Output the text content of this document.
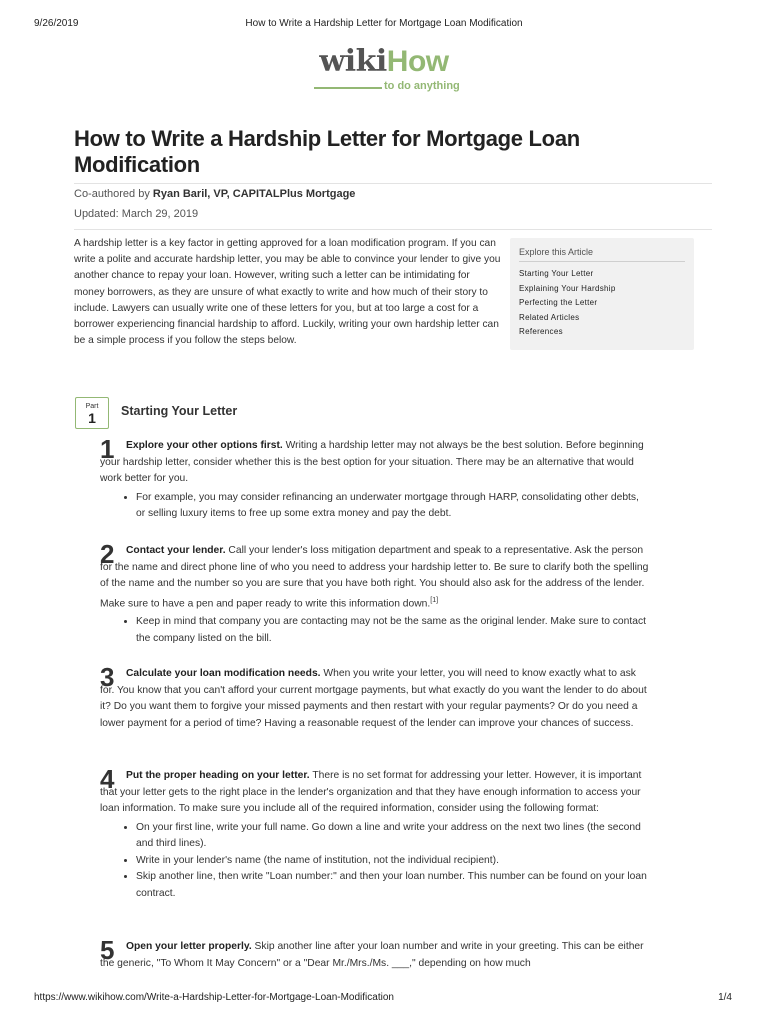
9/26/2019	How to Write a Hardship Letter for Mortgage Loan Modification
wikiHow
to do anything
How to Write a Hardship Letter for Mortgage Loan Modification
Co-authored by Ryan Baril, VP, CAPITALPlus Mortgage
Updated: March 29, 2019
A hardship letter is a key factor in getting approved for a loan modification program. If you can write a polite and accurate hardship letter, you may be able to convince your lender to give you another chance to repay your loan. However, writing such a letter can be intimidating for money borrowers, as they are unsure of what exactly to write and how much of their story to include. Lawyers can usually write one of these letters for you, but at too large a cost for a borrower experiencing financial hardship to afford. Luckily, writing your own hardship letter can be a simple process if you follow the steps below.
Explore this Article
Starting Your Letter
Explaining Your Hardship
Perfecting the Letter
Related Articles
References
Part
1	Starting Your Letter
1	Explore your other options first. Writing a hardship letter may not always be the best solution. Before beginning your hardship letter, consider whether this is the best option for your situation. There may be an alternative that would work better for you.

• For example, you may consider refinancing an underwater mortgage through HARP, consolidating other debts, or selling luxury items to free up some extra money and pay the debt.
2	Contact your lender. Call your lender's loss mitigation department and speak to a representative. Ask the person for the name and direct phone line of who you need to address your hardship letter to. Be sure to clarify both the spelling of the name and the number so you are sure that you have both right. You should also ask for the address of the lender. Make sure to have a pen and paper ready to write this information down.[1]

• Keep in mind that company you are contacting may not be the same as the original lender. Make sure to contact the company listed on the bill.
3	Calculate your loan modification needs. When you write your letter, you will need to know exactly what to ask for. You know that you can't afford your current mortgage payments, but what exactly do you want the lender to do about it? Do you want them to forgive your missed payments and then restart with your regular payments? Or do you need a lower payment for a period of time? Having a reasonable request of the lender can improve your chances of success.

4	Put the proper heading on your letter. There is no set format for addressing your letter. However, it is important that your letter gets to the right place in the lender's organization and that they have enough information to access your loan information. To make sure you include all of the required information, consider using the following format:

• On your first line, write your full name. Go down a line and write your address on the next two lines (the second and third lines).
• Write in your lender's name (the name of institution, not the individual recipient).
• Skip another line, then write "Loan number:" and then your loan number. This number can be found on your loan contract.
5	Open your letter properly. Skip another line after your loan number and write in your greeting. This can be either the generic, "To Whom It May Concern" or a "Dear Mr./Mrs./Ms. ___," depending on how much

https://www.wikihow.com/Write-a-Hardship-Letter-for-Mortgage-Loan-Modification	1/4
